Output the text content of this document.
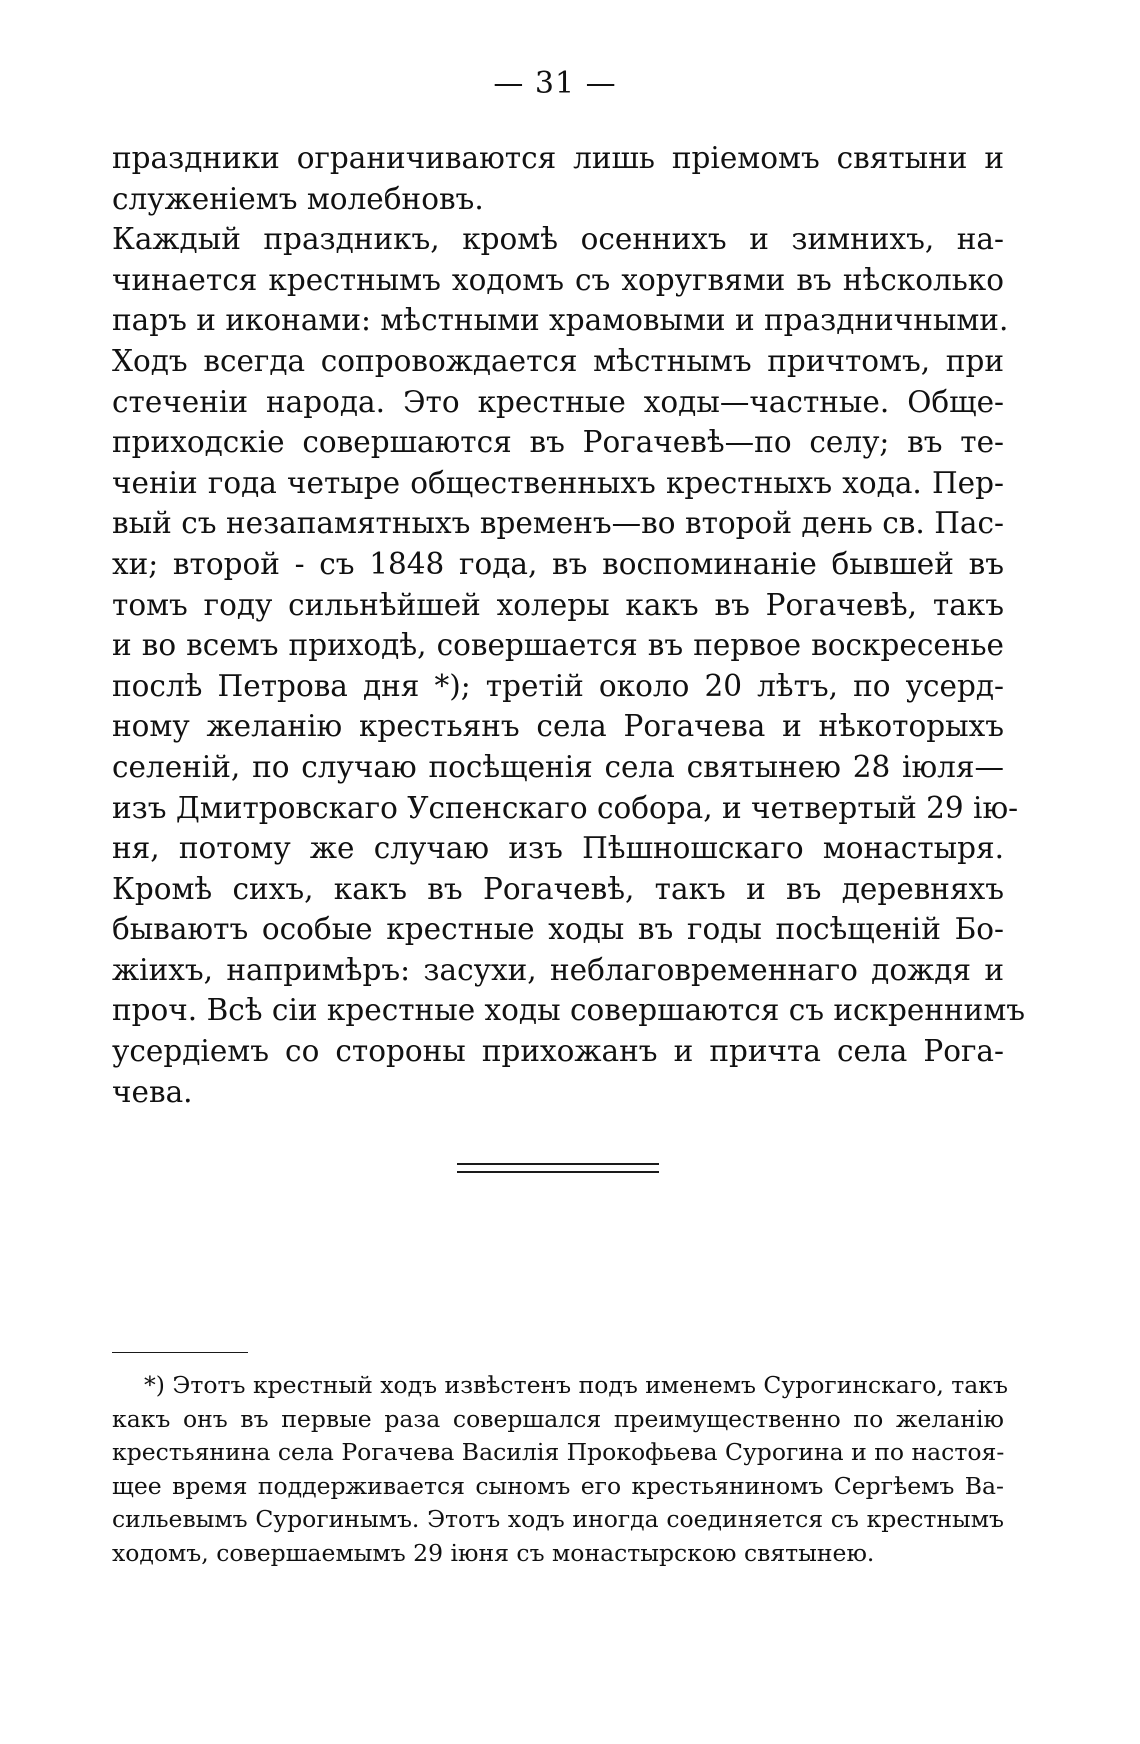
— 31 —
праздники ограничиваются лишь пріемомъ святыни и
служеніемъ молебновъ.
Каждый праздникъ, кромѣ осеннихъ и зимнихъ, на-
чинается крестнымъ ходомъ съ хоругвями въ нѣсколько
паръ и иконами: мѣстными храмовыми и праздничными.
Ходъ всегда сопровождается мѣстнымъ причтомъ, при
стеченіи народа. Это крестные ходы—частные. Обще-
приходскіе совершаются въ Рогачевѣ—по селу; въ те-
ченіи года четыре общественныхъ крестныхъ хода. Пер-
вый съ незапамятныхъ временъ—во второй день св. Пас-
хи; второй - съ 1848 года, въ воспоминаніе бывшей въ
томъ году сильнѣйшей холеры какъ въ Рогачевѣ, такъ
и во всемъ приходѣ, совершается въ первое воскресенье
послѣ Петрова дня *); третій около 20 лѣтъ, по усерд-
ному желанію крестьянъ села Рогачева и нѣкоторыхъ
селеній, по случаю посѣщенія села святынею 28 іюля—
изъ Дмитровскаго Успенскаго собора, и четвертый 29 ію-
ня, потому же случаю изъ Пѣшношскаго монастыря.
Кромѣ сихъ, какъ въ Рогачевѣ, такъ и въ деревняхъ
бываютъ особые крестные ходы въ годы посѣщеній Бо-
жіихъ, напримѣръ: засухи, неблаговременнаго дождя и
проч. Всѣ сіи крестные ходы совершаются съ искреннимъ
усердіемъ со стороны прихожанъ и причта села Рога-
чева.
*) Этотъ крестный ходъ извѣстенъ подъ именемъ Сурогинскаго, такъ
какъ онъ въ первые раза совершался преимущественно по желанію
крестьянина села Рогачева Василія Прокофьева Сурогина и по настоя-
щее время поддерживается сыномъ его крестьяниномъ Сергѣемъ Ва-
сильевымъ Сурогинымъ. Этотъ ходъ иногда соединяется съ крестнымъ
ходомъ, совершаемымъ 29 іюня съ монастырскою святынею.
